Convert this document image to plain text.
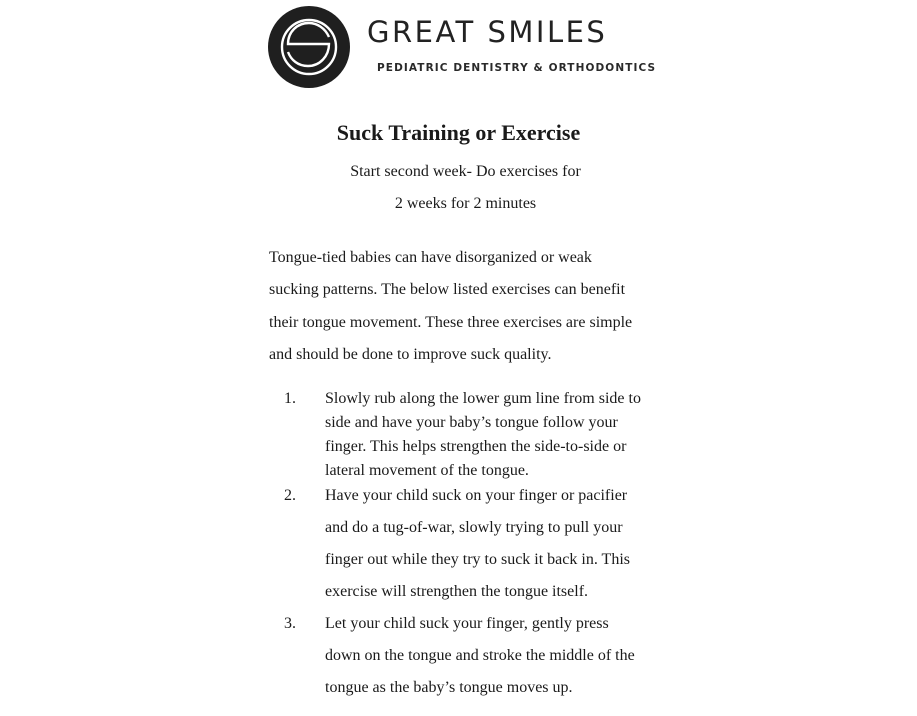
GREAT SMILES
PEDIATRIC DENTISTRY & ORTHODONTICS
Suck Training or Exercise

Start second week- Do exercises for

2 weeks for 2 minutes

Tongue-tied babies can have disorganized or weak

sucking patterns. The below listed exercises can benefit

their tongue movement. These three exercises are simple

and should be done to improve suck quality.

1. Slowly rub along the lower gum line from side to
side and have your baby’s tongue follow your
finger. This helps strengthen the side-to-side or
lateral movement of the tongue.
2. Have your child suck on your finger or pacifier
and do a tug-of-war, slowly trying to pull your
finger out while they try to suck it back in. This
exercise will strengthen the tongue itself.
3. Let your child suck your finger, gently press
down on the tongue and stroke the middle of the
tongue as the baby’s tongue moves up.
